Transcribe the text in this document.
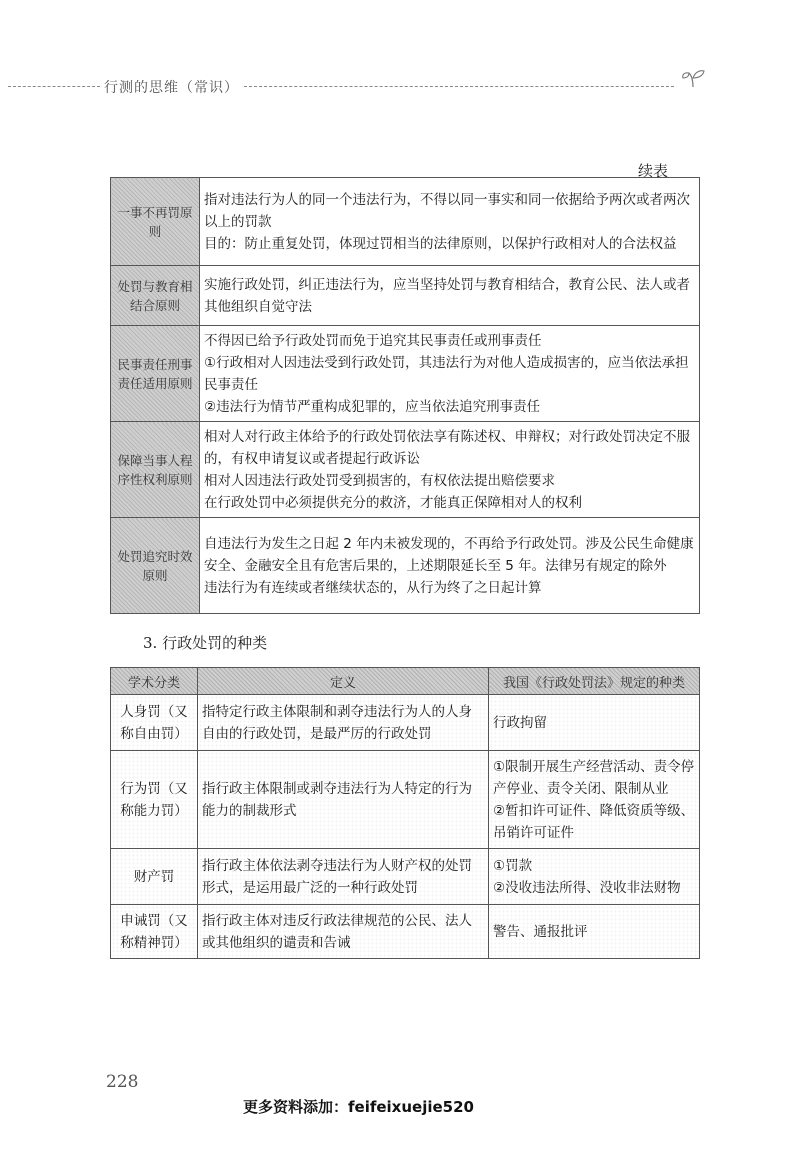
行测的思维（常识）
续表
一事不再罚原则	指对违法行为人的同一个违法行为，不得以同一事实和同一依据给予两次或者两次以上的罚款
目的：防止重复处罚，体现过罚相当的法律原则，以保护行政相对人的合法权益

处罚与教育相结合原则	实施行政处罚，纠正违法行为，应当坚持处罚与教育相结合，教育公民、法人或者其他组织自觉守法

民事责任刑事责任适用原则	不得因已给予行政处罚而免于追究其民事责任或刑事责任
①行政相对人因违法受到行政处罚，其违法行为对他人造成损害的，应当依法承担民事责任
②违法行为情节严重构成犯罪的，应当依法追究刑事责任

保障当事人程序性权利原则	相对人对行政主体给予的行政处罚依法享有陈述权、申辩权；对行政处罚决定不服的，有权申请复议或者提起行政诉讼
相对人因违法行政处罚受到损害的，有权依法提出赔偿要求
在行政处罚中必须提供充分的救济，才能真正保障相对人的权利

处罚追究时效原则	自违法行为发生之日起 2 年内未被发现的，不再给予行政处罚。涉及公民生命健康安全、金融安全且有危害后果的，上述期限延长至 5 年。法律另有规定的除外
违法行为有连续或者继续状态的，从行为终了之日起计算
3. 行政处罚的种类
学术分类	定义	我国《行政处罚法》规定的种类
人身罚（又称自由罚）	指特定行政主体限制和剥夺违法行为人的人身自由的行政处罚，是最严厉的行政处罚	行政拘留

行为罚（又称能力罚）	指行政主体限制或剥夺违法行为人特定的行为能力的制裁形式	①限制开展生产经营活动、责令停产停业、责令关闭、限制从业
②暂扣许可证件、降低资质等级、吊销许可证件

财产罚	指行政主体依法剥夺违法行为人财产权的处罚形式，是运用最广泛的一种行政处罚	①罚款
②没收违法所得、没收非法财物

申诫罚（又称精神罚）	指行政主体对违反行政法律规范的公民、法人或其他组织的谴责和告诫	警告、通报批评
228
更多资料添加：feifeixuejie520
